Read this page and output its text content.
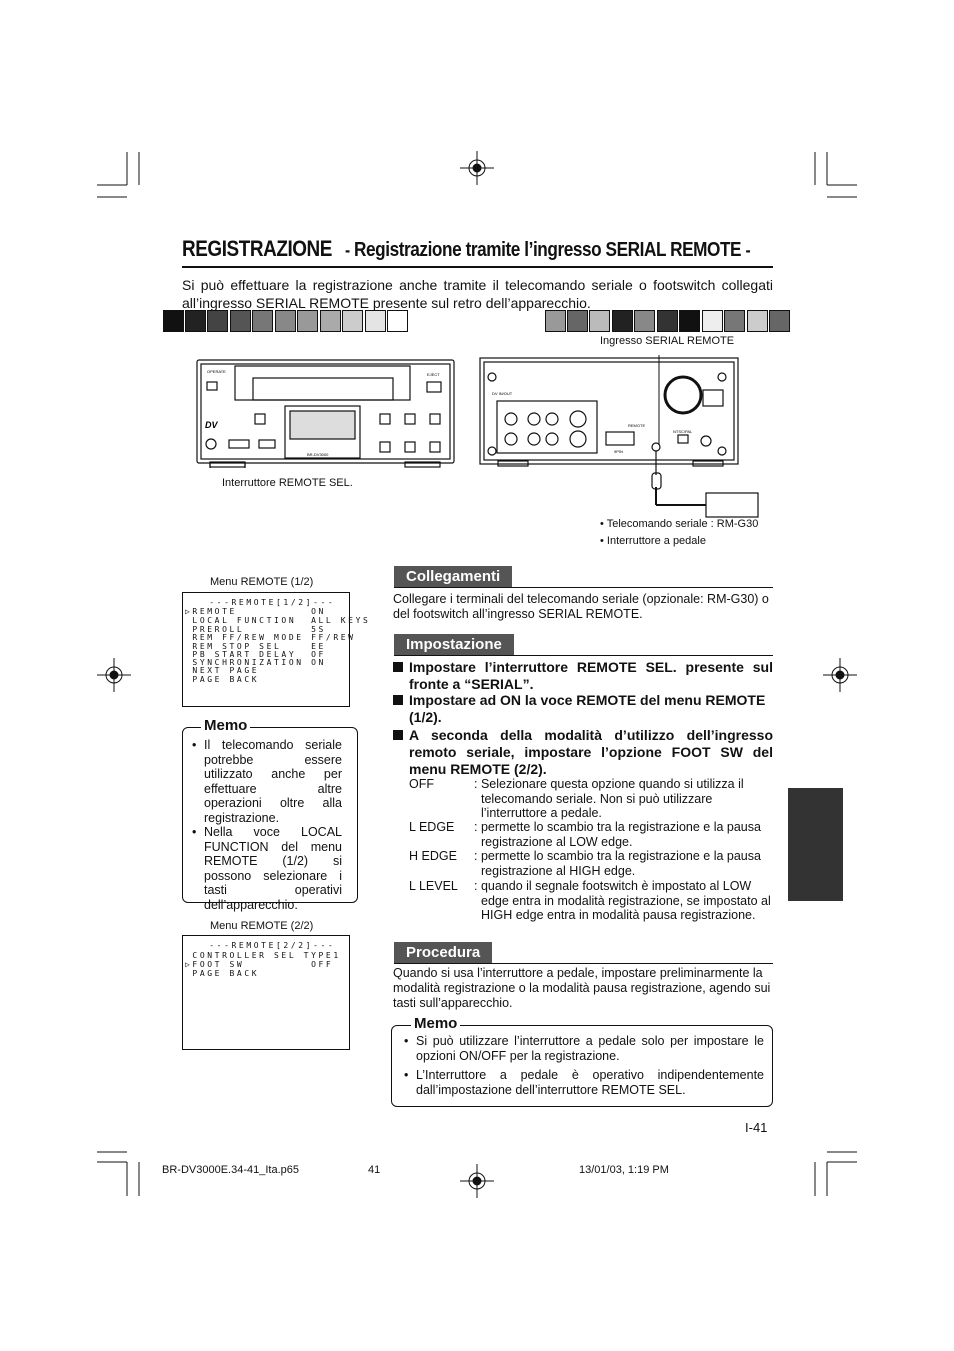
REGISTRAZIONE - Registrazione tramite l’ingresso SERIAL REMOTE -
Si può effettuare la registrazione anche tramite il telecomando seriale o footswitch collegati all’ingresso SERIAL REMOTE presente sul retro dell’apparecchio.
Ingresso SERIAL REMOTE
Interruttore REMOTE SEL.
• Telecomando seriale : RM-G30
• Interruttore a pedale
OPERATE
EJECT
DV
BR-DV3000
DV IN/OUT
REMOTE
9PIN
NTSC/PAL
Menu REMOTE (1/2)
---REMOTE[1/2]---
▷REMOTE          ON
LOCAL FUNCTION  ALL KEYS
PREROLL         5S
REM FF/REW MODE FF/REW
REM STOP SEL    EE
PB START DELAY  OF
SYNCHRONIZATION ON
NEXT PAGE
PAGE BACK
Memo
• Il telecomando seriale potrebbe essere utilizzato anche per effettuare altre operazioni oltre alla registrazione.
• Nella voce LOCAL FUNCTION del menu REMOTE (1/2) si possono selezionare i tasti operativi dell’apparecchio.
Menu REMOTE (2/2)
---REMOTE[2/2]---
CONTROLLER SEL TYPE1
▷FOOT SW         OFF
PAGE BACK
Collegamenti
Collegare i terminali del telecomando seriale (opzionale: RM-G30) o del footswitch all’ingresso SERIAL REMOTE.
Impostazione
Impostare l’interruttore REMOTE SEL. presente sul fronte a “SERIAL”.
Impostare ad ON la voce REMOTE del menu REMOTE (1/2).
A seconda della modalità d’utilizzo dell’ingresso remoto seriale, impostare l’opzione FOOT SW del menu REMOTE (2/2).
OFF	: Selezionare questa opzione quando si utilizza il telecomando seriale. Non si può utilizzare l’interruttore a pedale.
L EDGE : permette lo scambio tra la registrazione e la pausa registrazione al LOW edge.
H EDGE : permette lo scambio tra la registrazione e la pausa registrazione al HIGH edge.
L LEVEL : quando il segnale footswitch è impostato al LOW edge entra in modalità registrazione, se impostato al HIGH edge entra in modalità pausa registrazione.
Procedura
Quando si usa l’interruttore a pedale, impostare preliminarmente la modalità registrazione o la modalità pausa registrazione, agendo sui tasti sull’apparecchio.
Memo
• Si può utilizzare l’interruttore a pedale solo per impostare le opzioni ON/OFF per la registrazione.
• L’Interruttore a pedale è operativo indipendentemente dall’impostazione dell’interruttore REMOTE SEL.
I-41
BR-DV3000E.34-41_Ita.p65	41	13/01/03, 1:19 PM
